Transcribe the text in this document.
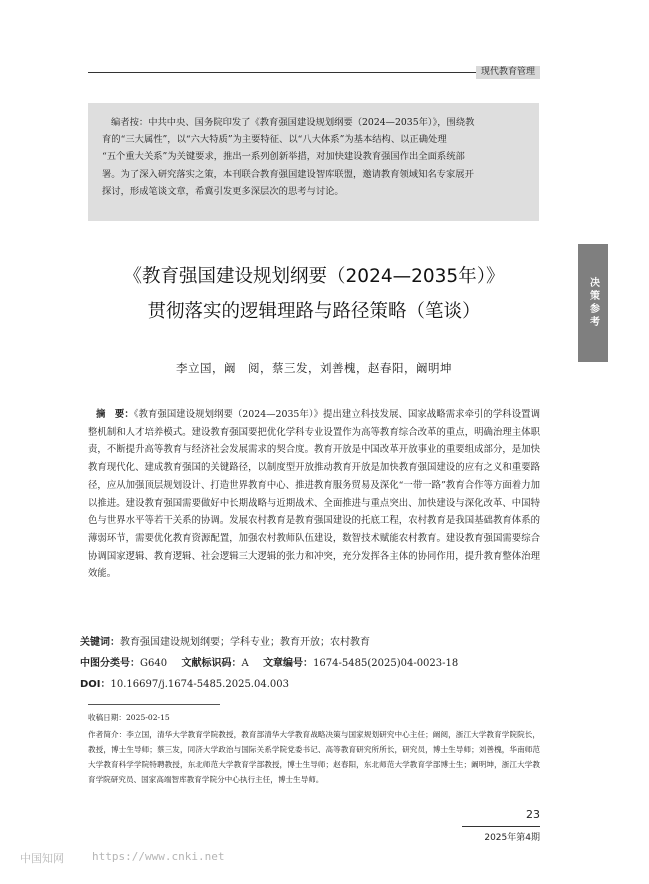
现代教育管理
编者按：中共中央、国务院印发了《教育强国建设规划纲要（2024—2035年）》，围绕教
育的“三大属性”，以“六大特质”为主要特征、以“八大体系”为基本结构、以正确处理
“五个重大关系”为关键要求，推出一系列创新举措，对加快建设教育强国作出全面系统部
署。为了深入研究落实之策，本刊联合教育强国建设智库联盟，邀请教育领域知名专家展开
探讨，形成笔谈文章，希冀引发更多深层次的思考与讨论。
决策参考
《教育强国建设规划纲要（2024—2035年）》
贯彻落实的逻辑理路与路径策略（笔谈）
李立国，阚　阅，蔡三发，刘善槐，赵春阳，阚明坤
摘　要：《教育强国建设规划纲要（2024—2035年）》提出建立科技发展、国家战略需求牵引的学科设置调整机制和人才培养模式。建设教育强国要把优化学科专业设置作为高等教育综合改革的重点，明确治理主体职责，不断提升高等教育与经济社会发展需求的契合度。教育开放是中国改革开放事业的重要组成部分，是加快教育现代化、建成教育强国的关键路径，以制度型开放推动教育开放是加快教育强国建设的应有之义和重要路径，应从加强顶层规划设计、打造世界教育中心、推进教育服务贸易及深化“一带一路”教育合作等方面着力加以推进。建设教育强国需要做好中长期战略与近期战术、全面推进与重点突出、加快建设与深化改革、中国特色与世界水平等若干关系的协调。发展农村教育是教育强国建设的托底工程，农村教育是我国基础教育体系的薄弱环节，需要优化教育资源配置，加强农村教师队伍建设，数智技术赋能农村教育。建设教育强国需要综合协调国家逻辑、教育逻辑、社会逻辑三大逻辑的张力和冲突，充分发挥各主体的协同作用，提升教育整体治理效能。
关键词：教育强国建设规划纲要；学科专业；教育开放；农村教育
中图分类号：G640 文献标识码：A 文章编号：1674-5485(2025)04-0023-18
DOI：10.16697/j.1674-5485.2025.04.003
收稿日期：2025-02-15
作者简介：李立国，清华大学教育学院教授，教育部清华大学教育战略决策与国家规划研究中心主任；阚阅，浙江大学教育学院院长，教授，博士生导师；蔡三发，同济大学政治与国际关系学院党委书记、高等教育研究所所长，研究员，博士生导师；刘善槐，华南师范大学教育科学学院特聘教授，东北师范大学教育学部教授，博士生导师；赵春阳，东北师范大学教育学部博士生；阚明坤，浙江大学教育学院研究员、国家高端智库教育学院分中心执行主任，博士生导师。
23
2025年第4期
中国知网	https://www.cnki.net
